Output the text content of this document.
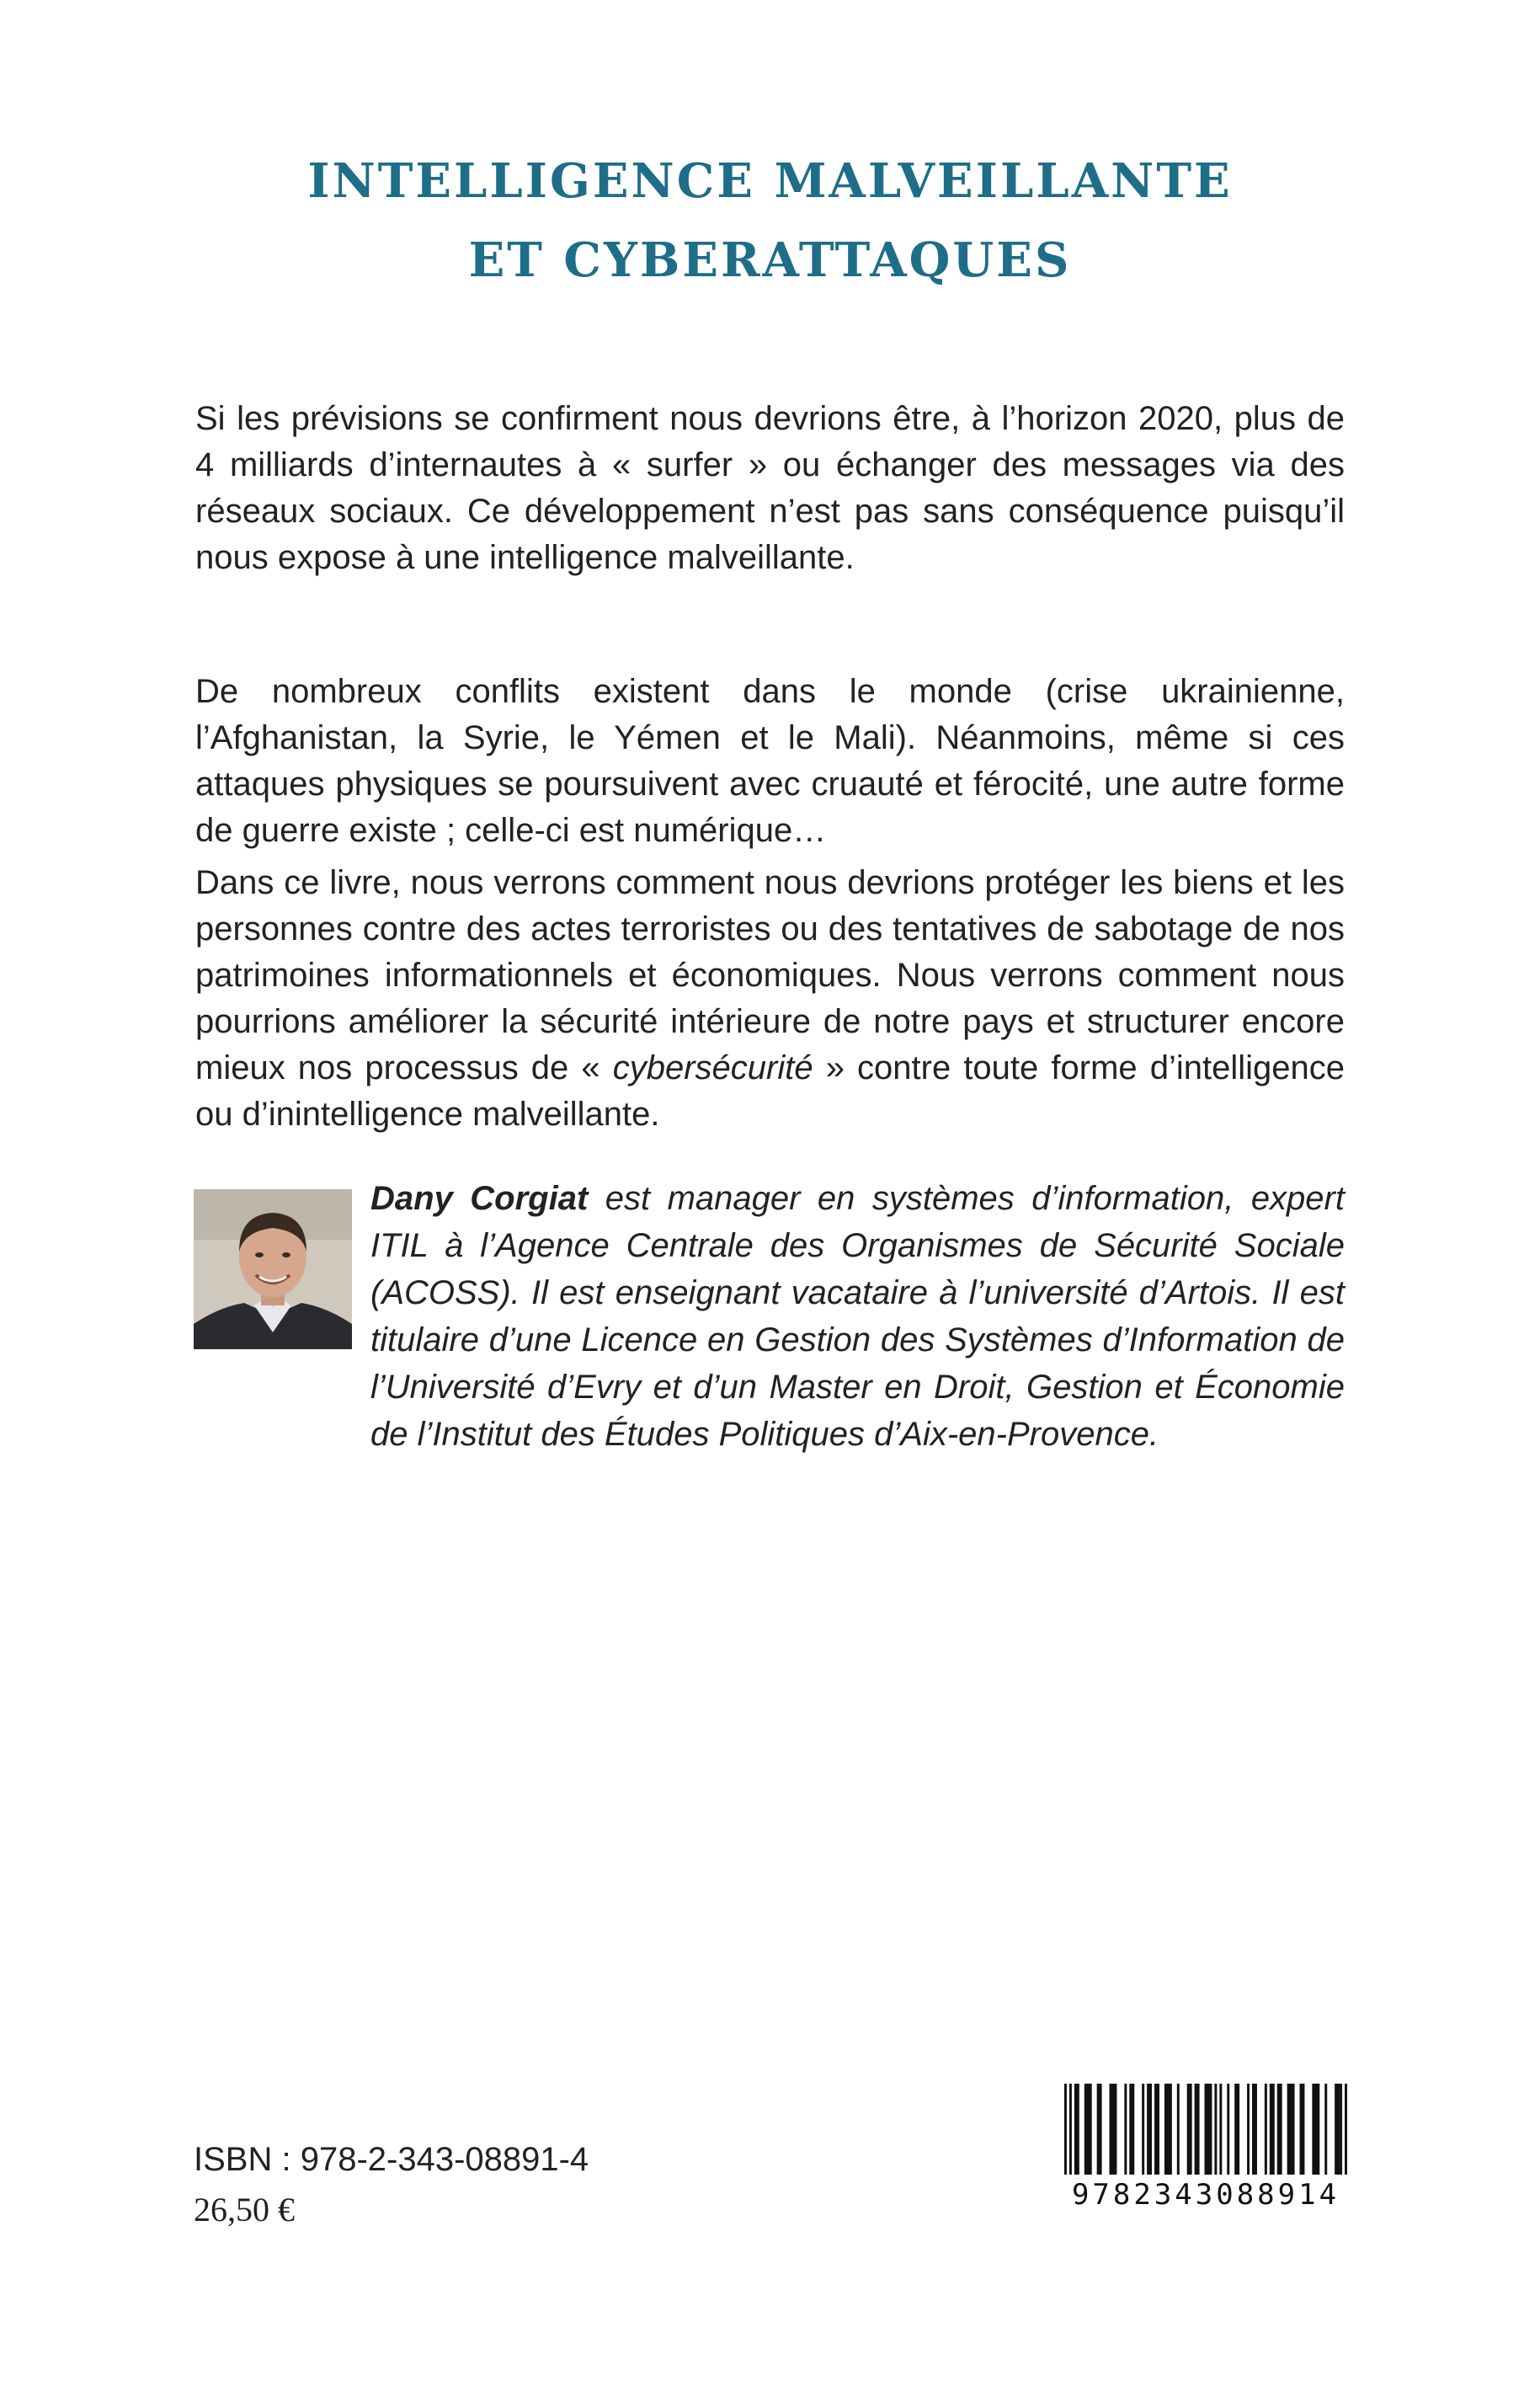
INTELLIGENCE MALVEILLANTE
ET CYBERATTAQUES

Si les prévisions se confirment nous devrions être, à l’horizon 2020, plus de 4 milliards d’internautes à « surfer » ou échanger des messages via des réseaux sociaux. Ce développement n’est pas sans conséquence puisqu’il nous expose à une intelligence malveillante.

De nombreux conflits existent dans le monde (crise ukrainienne, l’Afghanistan, la Syrie, le Yémen et le Mali). Néanmoins, même si ces attaques physiques se poursuivent avec cruauté et férocité, une autre forme de guerre existe ; celle-ci est numérique…

Dans ce livre, nous verrons comment nous devrions protéger les biens et les personnes contre des actes terroristes ou des tentatives de sabotage de nos patrimoines informationnels et économiques. Nous verrons comment nous pourrions améliorer la sécurité intérieure de notre pays et structurer encore mieux nos processus de « cybersécurité » contre toute forme d’intelligence ou d’inintelligence malveillante.

Dany Corgiat est manager en systèmes d’information, expert ITIL à l’Agence Centrale des Organismes de Sécurité Sociale (ACOSS). Il est enseignant vacataire à l’université d’Artois. Il est titulaire d’une Licence en Gestion des Systèmes d’Information de l’Université d’Evry et d’un Master en Droit, Gestion et Économie de l’Institut des Études Politiques d’Aix-en-Provence.

ISBN : 978-2-343-08891-4
26,50 €	9782343088914
